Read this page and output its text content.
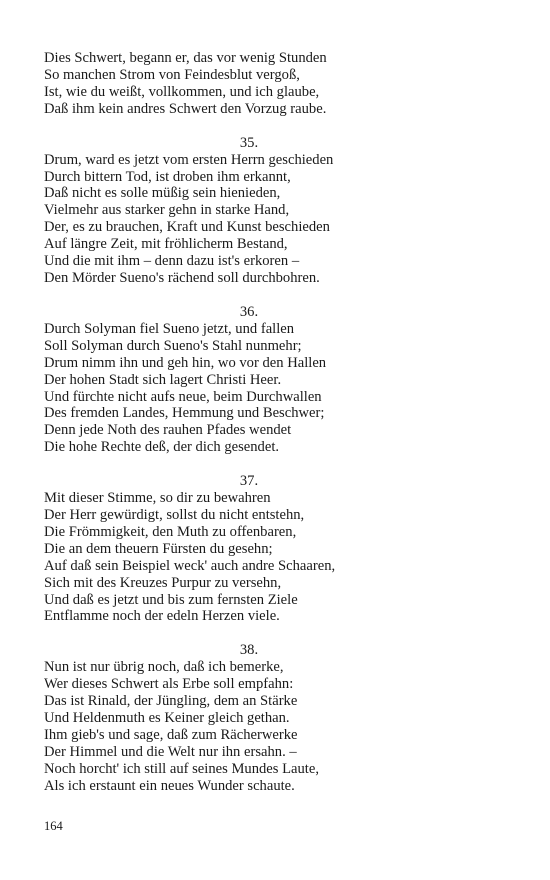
Dies Schwert, begann er, das vor wenig Stunden
So manchen Strom von Feindesblut vergoß,
Ist, wie du weißt, vollkommen, und ich glaube,
Daß ihm kein andres Schwert den Vorzug raube.
35.
Drum, ward es jetzt vom ersten Herrn geschieden
Durch bittern Tod, ist droben ihm erkannt,
Daß nicht es solle müßig sein hienieden,
Vielmehr aus starker gehn in starke Hand,
Der, es zu brauchen, Kraft und Kunst beschieden
Auf längre Zeit, mit fröhlicherm Bestand,
Und die mit ihm – denn dazu ist's erkoren –
Den Mörder Sueno's rächend soll durchbohren.
36.
Durch Solyman fiel Sueno jetzt, und fallen
Soll Solyman durch Sueno's Stahl nunmehr;
Drum nimm ihn und geh hin, wo vor den Hallen
Der hohen Stadt sich lagert Christi Heer.
Und fürchte nicht aufs neue, beim Durchwallen
Des fremden Landes, Hemmung und Beschwer;
Denn jede Noth des rauhen Pfades wendet
Die hohe Rechte deß, der dich gesendet.
37.
Mit dieser Stimme, so dir zu bewahren
Der Herr gewürdigt, sollst du nicht entstehn,
Die Frömmigkeit, den Muth zu offenbaren,
Die an dem theuern Fürsten du gesehn;
Auf daß sein Beispiel weck' auch andre Schaaren,
Sich mit des Kreuzes Purpur zu versehn,
Und daß es jetzt und bis zum fernsten Ziele
Entflamme noch der edeln Herzen viele.
38.
Nun ist nur übrig noch, daß ich bemerke,
Wer dieses Schwert als Erbe soll empfahn:
Das ist Rinald, der Jüngling, dem an Stärke
Und Heldenmuth es Keiner gleich gethan.
Ihm gieb's und sage, daß zum Rächerwerke
Der Himmel und die Welt nur ihn ersahn. –
Noch horcht' ich still auf seines Mundes Laute,
Als ich erstaunt ein neues Wunder schaute.
164
